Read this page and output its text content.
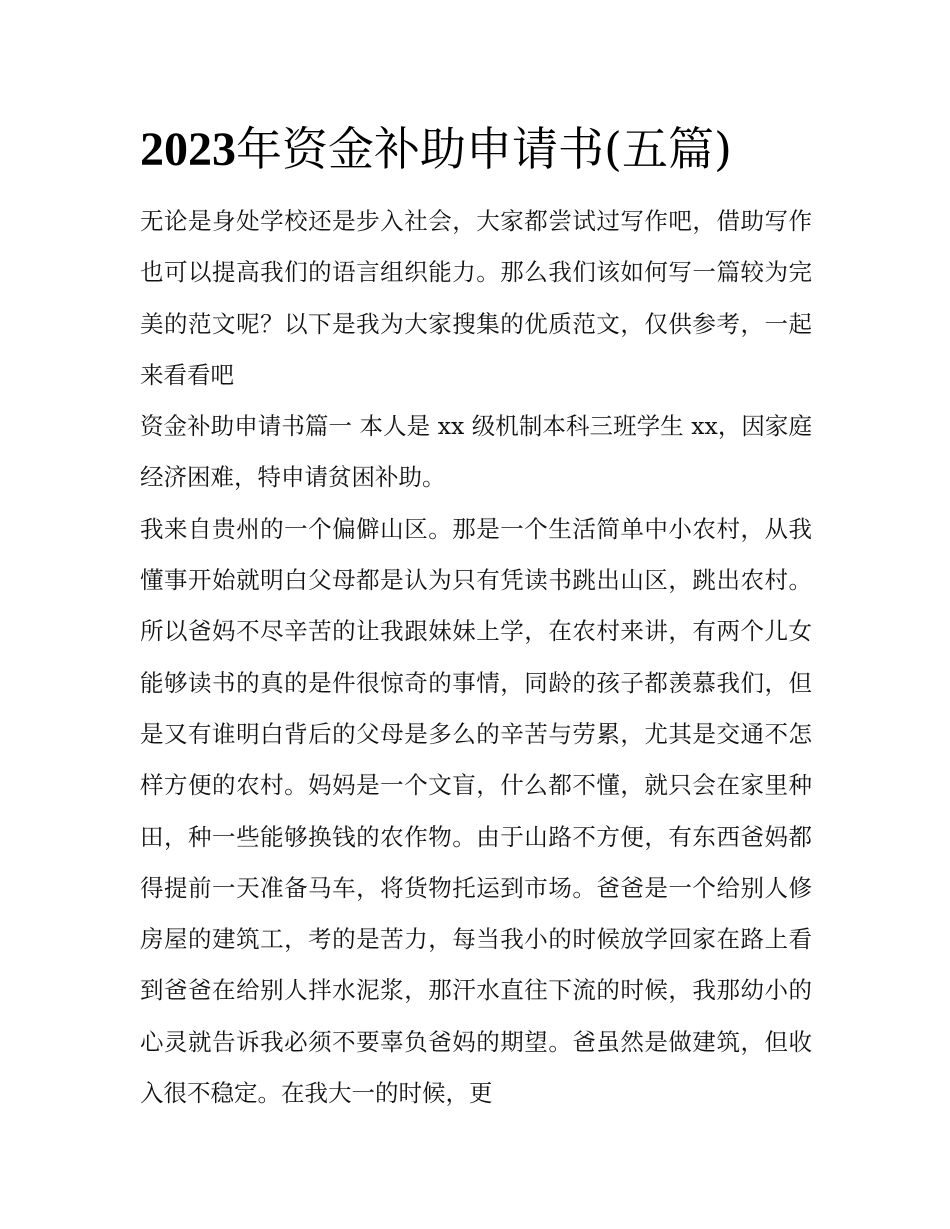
2023年资金补助申请书(五篇)

无论是身处学校还是步入社会，大家都尝试过写作吧，借助写作也可以提高我们的语言组织能力。那么我们该如何写一篇较为完美的范文呢？以下是我为大家搜集的优质范文，仅供参考，一起来看看吧

资金补助申请书篇一 本人是 xx 级机制本科三班学生 xx，因家庭经济困难，特申请贫困补助。

我来自贵州的一个偏僻山区。那是一个生活简单中小农村，从我懂事开始就明白父母都是认为只有凭读书跳出山区，跳出农村。所以爸妈不尽辛苦的让我跟妹妹上学，在农村来讲，有两个儿女能够读书的真的是件很惊奇的事情，同龄的孩子都羡慕我们，但是又有谁明白背后的父母是多么的辛苦与劳累，尤其是交通不怎样方便的农村。妈妈是一个文盲，什么都不懂，就只会在家里种田，种一些能够换钱的农作物。由于山路不方便，有东西爸妈都得提前一天准备马车，将货物托运到市场。爸爸是一个给别人修房屋的建筑工，考的是苦力，每当我小的时候放学回家在路上看到爸爸在给别人拌水泥浆，那汗水直往下流的时候，我那幼小的心灵就告诉我必须不要辜负爸妈的期望。爸虽然是做建筑，但收入很不稳定。在我大一的时候，更
